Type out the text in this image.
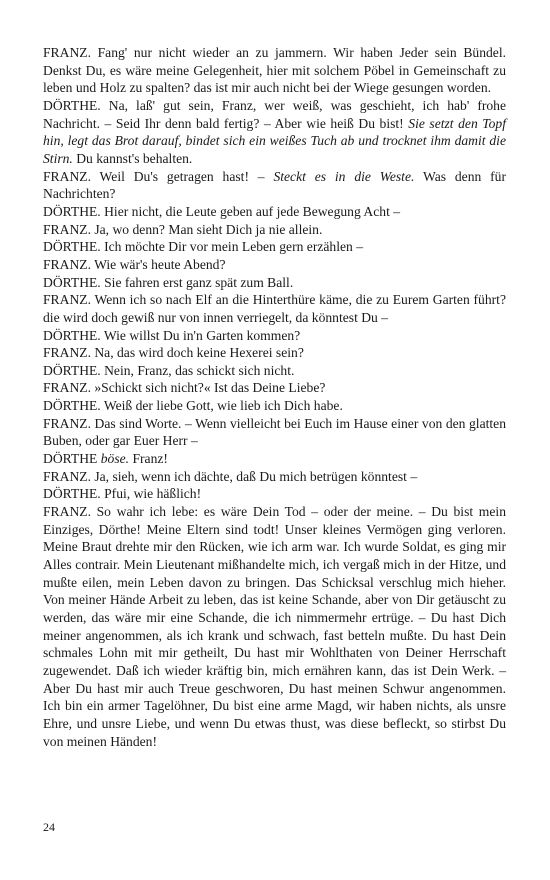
FRANZ. Fang' nur nicht wieder an zu jammern. Wir haben Jeder sein Bündel. Denkst Du, es wäre meine Gelegenheit, hier mit solchem Pöbel in Gemeinschaft zu leben und Holz zu spalten? das ist mir auch nicht bei der Wiege gesungen worden.

DÖRTHE. Na, laß' gut sein, Franz, wer weiß, was geschieht, ich hab' frohe Nachricht. – Seid Ihr denn bald fertig? – Aber wie heiß Du bist! Sie setzt den Topf hin, legt das Brot darauf, bindet sich ein weißes Tuch ab und trocknet ihm damit die Stirn. Du kannst's behalten.

FRANZ. Weil Du's getragen hast! – Steckt es in die Weste. Was denn für Nachrichten?

DÖRTHE. Hier nicht, die Leute geben auf jede Bewegung Acht –

FRANZ. Ja, wo denn? Man sieht Dich ja nie allein.

DÖRTHE. Ich möchte Dir vor mein Leben gern erzählen –

FRANZ. Wie wär's heute Abend?

DÖRTHE. Sie fahren erst ganz spät zum Ball.

FRANZ. Wenn ich so nach Elf an die Hinterthüre käme, die zu Eurem Garten führt? die wird doch gewiß nur von innen verriegelt, da könntest Du –

DÖRTHE. Wie willst Du in'n Garten kommen?

FRANZ. Na, das wird doch keine Hexerei sein?

DÖRTHE. Nein, Franz, das schickt sich nicht.

FRANZ. »Schickt sich nicht?« Ist das Deine Liebe?

DÖRTHE. Weiß der liebe Gott, wie lieb ich Dich habe.

FRANZ. Das sind Worte. – Wenn vielleicht bei Euch im Hause einer von den glatten Buben, oder gar Euer Herr –

DÖRTHE böse. Franz!

FRANZ. Ja, sieh, wenn ich dächte, daß Du mich betrügen könntest –

DÖRTHE. Pfui, wie häßlich!

FRANZ. So wahr ich lebe: es wäre Dein Tod – oder der meine. – Du bist mein Einziges, Dörthe! Meine Eltern sind todt! Unser kleines Vermögen ging verloren. Meine Braut drehte mir den Rücken, wie ich arm war. Ich wurde Soldat, es ging mir Alles contrair. Mein Lieutenant mißhandelte mich, ich vergaß mich in der Hitze, und mußte eilen, mein Leben davon zu bringen. Das Schicksal verschlug mich hieher. Von meiner Hände Arbeit zu leben, das ist keine Schande, aber von Dir getäuscht zu werden, das wäre mir eine Schande, die ich nimmermehr ertrüge. – Du hast Dich meiner angenommen, als ich krank und schwach, fast betteln mußte. Du hast Dein schmales Lohn mit mir getheilt, Du hast mir Wohlthaten von Deiner Herrschaft zugewendet. Daß ich wieder kräftig bin, mich ernähren kann, das ist Dein Werk. – Aber Du hast mir auch Treue geschworen, Du hast meinen Schwur angenommen. Ich bin ein armer Tagelöhner, Du bist eine arme Magd, wir haben nichts, als unsre Ehre, und unsre Liebe, und wenn Du etwas thust, was diese befleckt, so stirbst Du von meinen Händen!

24
